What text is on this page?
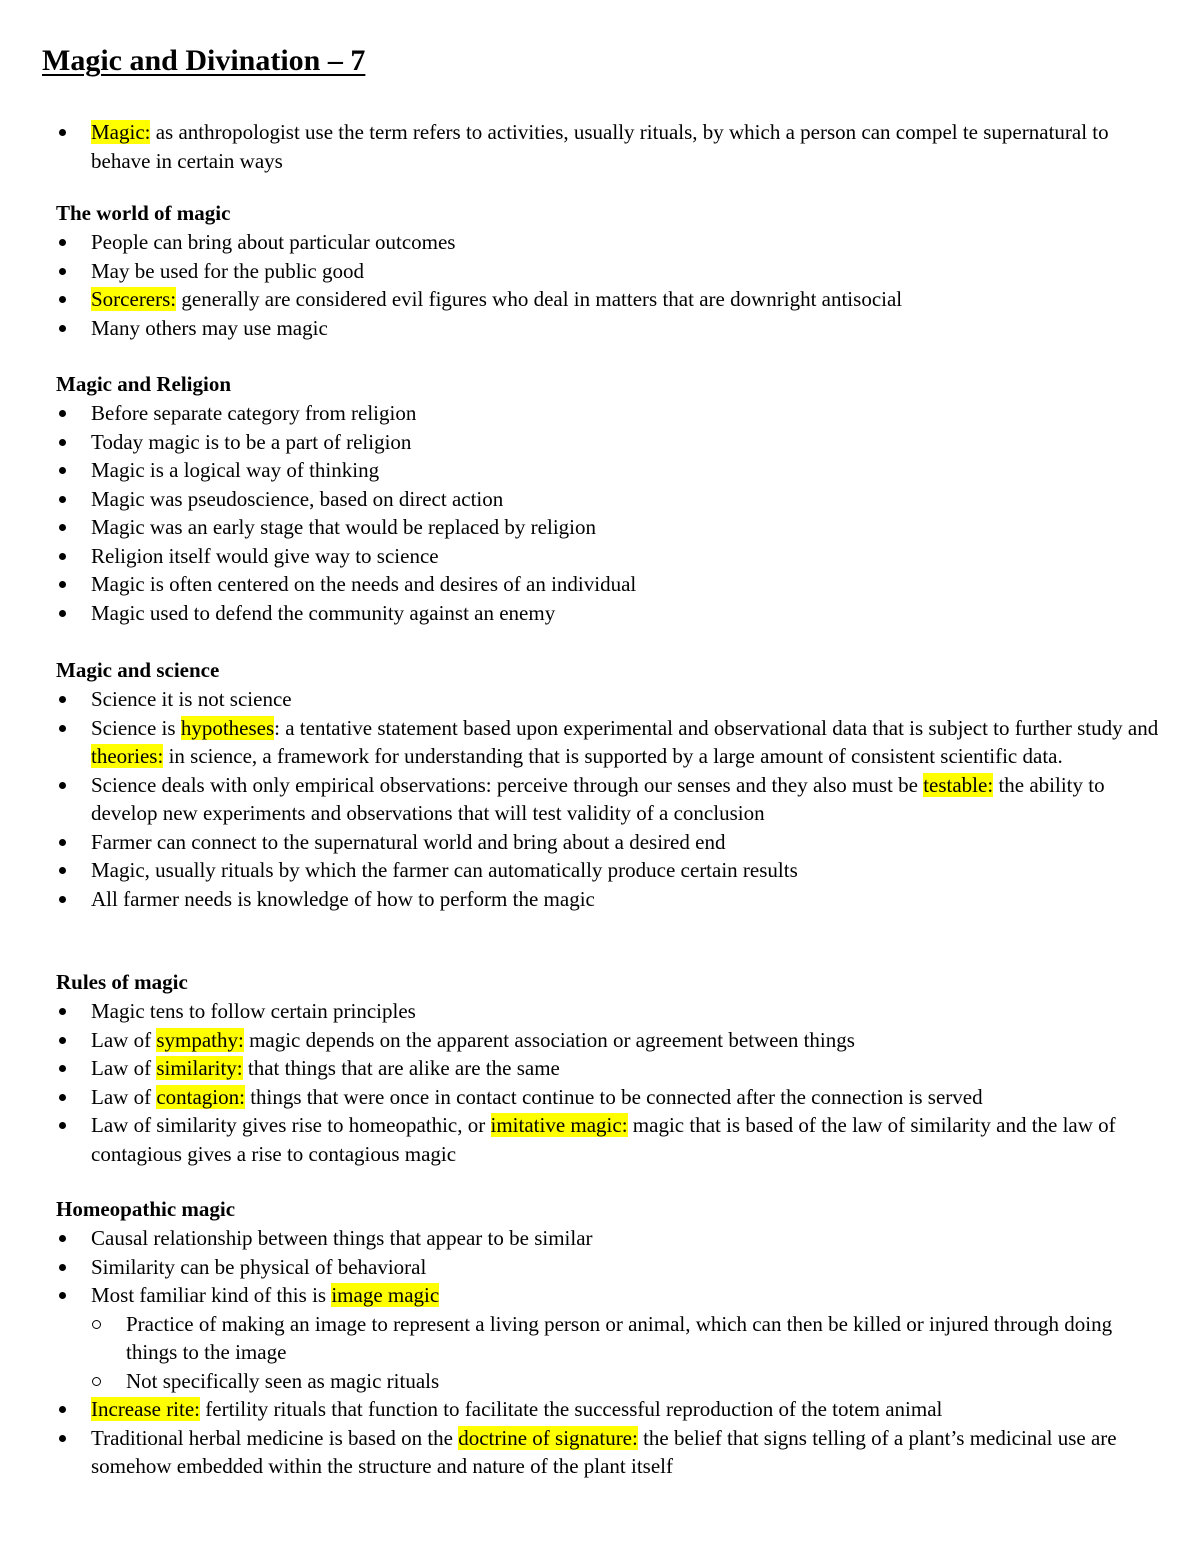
Magic and Divination – 7
Magic: as anthropologist use the term refers to activities, usually rituals, by which a person can compel te supernatural to behave in certain ways
The world of magic
People can bring about particular outcomes
May be used for the public good
Sorcerers: generally are considered evil figures who deal in matters that are downright antisocial
Many others may use magic
Magic and Religion
Before separate category from religion
Today magic is to be a part of religion
Magic is a logical way of thinking
Magic was pseudoscience, based on direct action
Magic was an early stage that would be replaced by religion
Religion itself would give way to science
Magic is often centered on the needs and desires of an individual
Magic used to defend the community against an enemy
Magic and science
Science it is not science
Science is hypotheses: a tentative statement based upon experimental and observational data that is subject to further study and theories: in science, a framework for understanding that is supported by a large amount of consistent scientific data.
Science deals with only empirical observations: perceive through our senses and they also must be testable: the ability to develop new experiments and observations that will test validity of a conclusion
Farmer can connect to the supernatural world and bring about a desired end
Magic, usually rituals by which the farmer can automatically produce certain results
All farmer needs is knowledge of how to perform the magic
Rules of magic
Magic tens to follow certain principles
Law of sympathy: magic depends on the apparent association or agreement between things
Law of similarity: that things that are alike are the same
Law of contagion: things that were once in contact continue to be connected after the connection is served
Law of similarity gives rise to homeopathic, or imitative magic: magic that is based of the law of similarity and the law of contagious gives a rise to contagious magic
Homeopathic magic
Causal relationship between things that appear to be similar
Similarity can be physical of behavioral
Most familiar kind of this is image magic
Practice of making an image to represent a living person or animal, which can then be killed or injured through doing things to the image
Not specifically seen as magic rituals
Increase rite: fertility rituals that function to facilitate the successful reproduction of the totem animal
Traditional herbal medicine is based on the doctrine of signature: the belief that signs telling of a plant’s medicinal use are somehow embedded within the structure and nature of the plant itself
